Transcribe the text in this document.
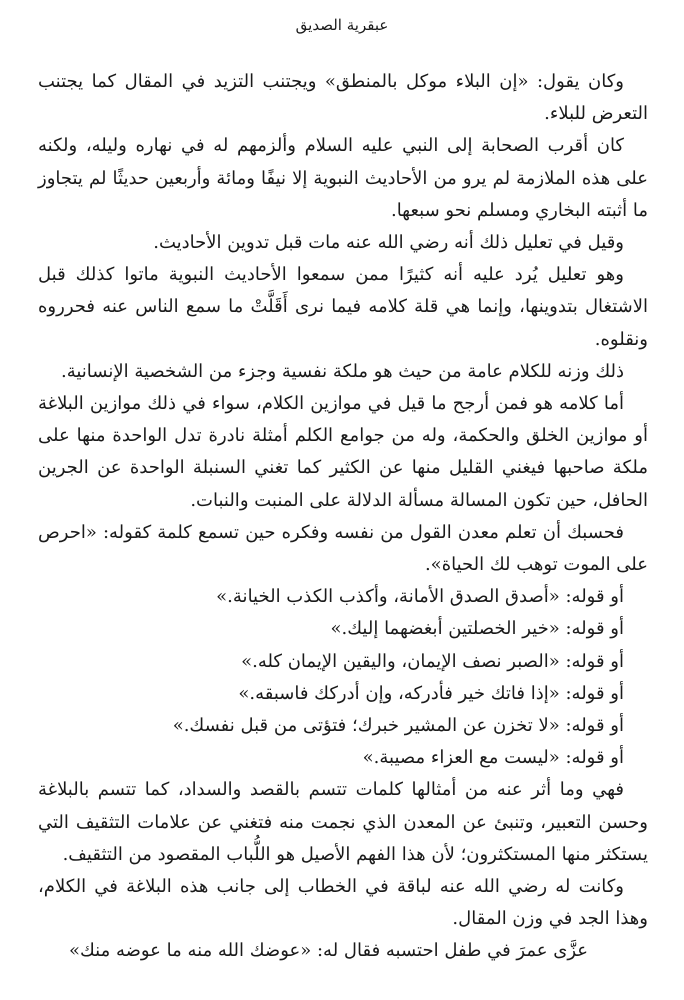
عبقرية الصديق

وكان يقول: «إن البلاء موكل بالمنطق» ويجتنب التزيد في المقال كما يجتنب التعرض للبلاء.

كان أقرب الصحابة إلى النبي عليه السلام وألزمهم له في نهاره وليله، ولكنه على هذه الملازمة لم يرو من الأحاديث النبوية إلا نيفًا ومائة وأربعين حديثًا لم يتجاوز ما أثبته البخاري ومسلم نحو سبعها.

وقيل في تعليل ذلك أنه رضي الله عنه مات قبل تدوين الأحاديث.

وهو تعليل يُرد عليه أنه كثيرًا ممن سمعوا الأحاديث النبوية ماتوا كذلك قبل الاشتغال بتدوينها، وإنما هي قلة كلامه فيما نرى أَقَلَّتْ ما سمع الناس عنه فحرروه ونقلوه.

ذلك وزنه للكلام عامة من حيث هو ملكة نفسية وجزء من الشخصية الإنسانية.

أما كلامه هو فمن أرجح ما قيل في موازين الكلام، سواء في ذلك موازين البلاغة أو موازين الخلق والحكمة، وله من جوامع الكلم أمثلة نادرة تدل الواحدة منها على ملكة صاحبها فيغني القليل منها عن الكثير كما تغني السنبلة الواحدة عن الجرين الحافل، حين تكون المسالة مسألة الدلالة على المنبت والنبات.

فحسبك أن تعلم معدن القول من نفسه وفكره حين تسمع كلمة كقوله: «احرص على الموت توهب لك الحياة».

أو قوله: «أصدق الصدق الأمانة، وأكذب الكذب الخيانة.»

أو قوله: «خير الخصلتين أبغضهما إليك.»

أو قوله: «الصبر نصف الإيمان، واليقين الإيمان كله.»

أو قوله: «إذا فاتك خير فأدركه، وإن أدركك فاسبقه.»

أو قوله: «لا تخزن عن المشير خبرك؛ فتؤتى من قبل نفسك.»

أو قوله: «ليست مع العزاء مصيبة.»

فهي وما أثر عنه من أمثالها كلمات تتسم بالقصد والسداد، كما تتسم بالبلاغة وحسن التعبير، وتنبئ عن المعدن الذي نجمت منه فتغني عن علامات التثقيف التي يستكثر منها المستكثرون؛ لأن هذا الفهم الأصيل هو اللُّباب المقصود من التثقيف.

وكانت له رضي الله عنه لباقة في الخطاب إلى جانب هذه البلاغة في الكلام، وهذا الجد في وزن المقال.

عزَّى عمرَ في طفل احتسبه فقال له: «عوضك الله منه ما عوضه منك»
